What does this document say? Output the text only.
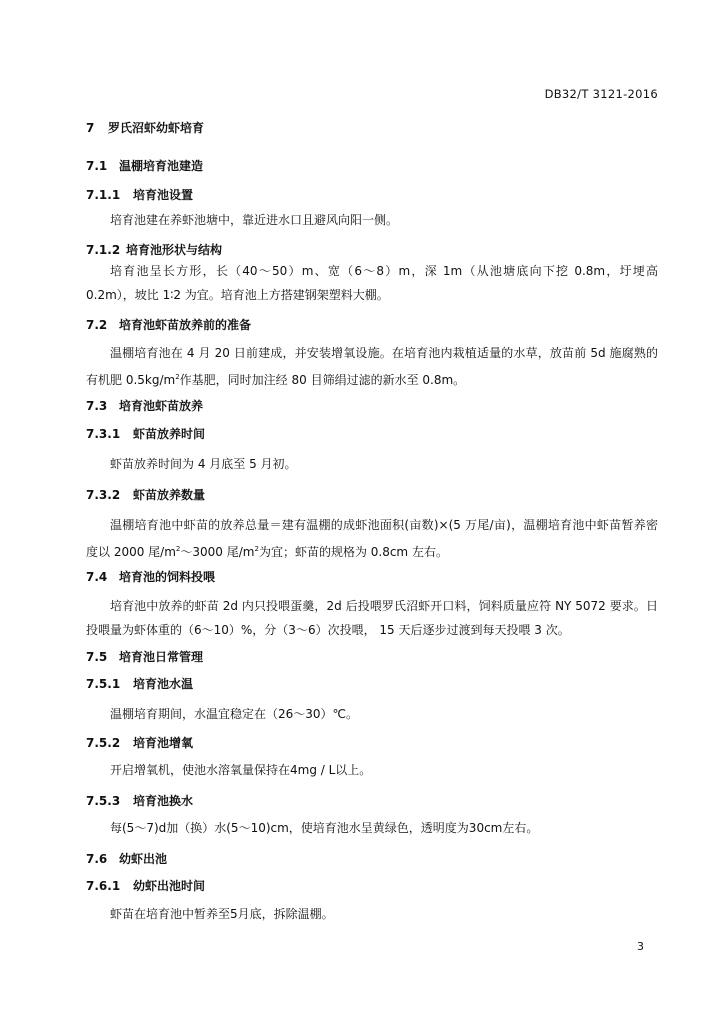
DB32/T 3121-2016
7 罗氏沼虾幼虾培育
7.1 温棚培育池建造
7.1.1 培育池设置
培育池建在养虾池塘中，靠近进水口且避风向阳一侧。
7.1.2 培育池形状与结构
培育池呈长方形，长（40～50）m、宽（6～8）m，深 1m（从池塘底向下挖 0.8m，圩埂高 0.2m），坡比 1∶2 为宜。培育池上方搭建钢架塑料大棚。
7.2 培育池虾苗放养前的准备
温棚培育池在 4 月 20 日前建成，并安装增氧设施。在培育池内栽植适量的水草，放苗前 5d 施腐熟的有机肥 $0.5kg/m^2$作基肥，同时加注经 80 目筛绢过滤的新水至 0.8m。
7.3 培育池虾苗放养
7.3.1 虾苗放养时间
虾苗放养时间为 4 月底至 5 月初。
7.3.2 虾苗放养数量
温棚培育池中虾苗的放养总量＝建有温棚的成虾池面积(亩数)×(5 万尾/亩)，温棚培育池中虾苗暂养密度以 2000 尾$/m^2\sim 3000$ 尾$/m^2$为宜；虾苗的规格为 0.8cm 左右。
7.4 培育池的饲料投喂
培育池中放养的虾苗 2d 内只投喂蛋羹，2d 后投喂罗氏沼虾开口料，饲料质量应符 NY 5072 要求。日投喂量为虾体重的（6～10）%，分（3～6）次投喂， 15 天后逐步过渡到每天投喂 3 次。
7.5 培育池日常管理
7.5.1 培育池水温
温棚培育期间，水温宜稳定在（26～30）℃。
7.5.2 培育池增氧
开启增氧机，使池水溶氧量保持在4mg / L以上。
7.5.3 培育池换水
每(5～7)d加（换）水(5～10)cm，使培育池水呈黄绿色，透明度为30cm左右。
7.6 幼虾出池
7.6.1 幼虾出池时间
虾苗在培育池中暂养至5月底，拆除温棚。
3
